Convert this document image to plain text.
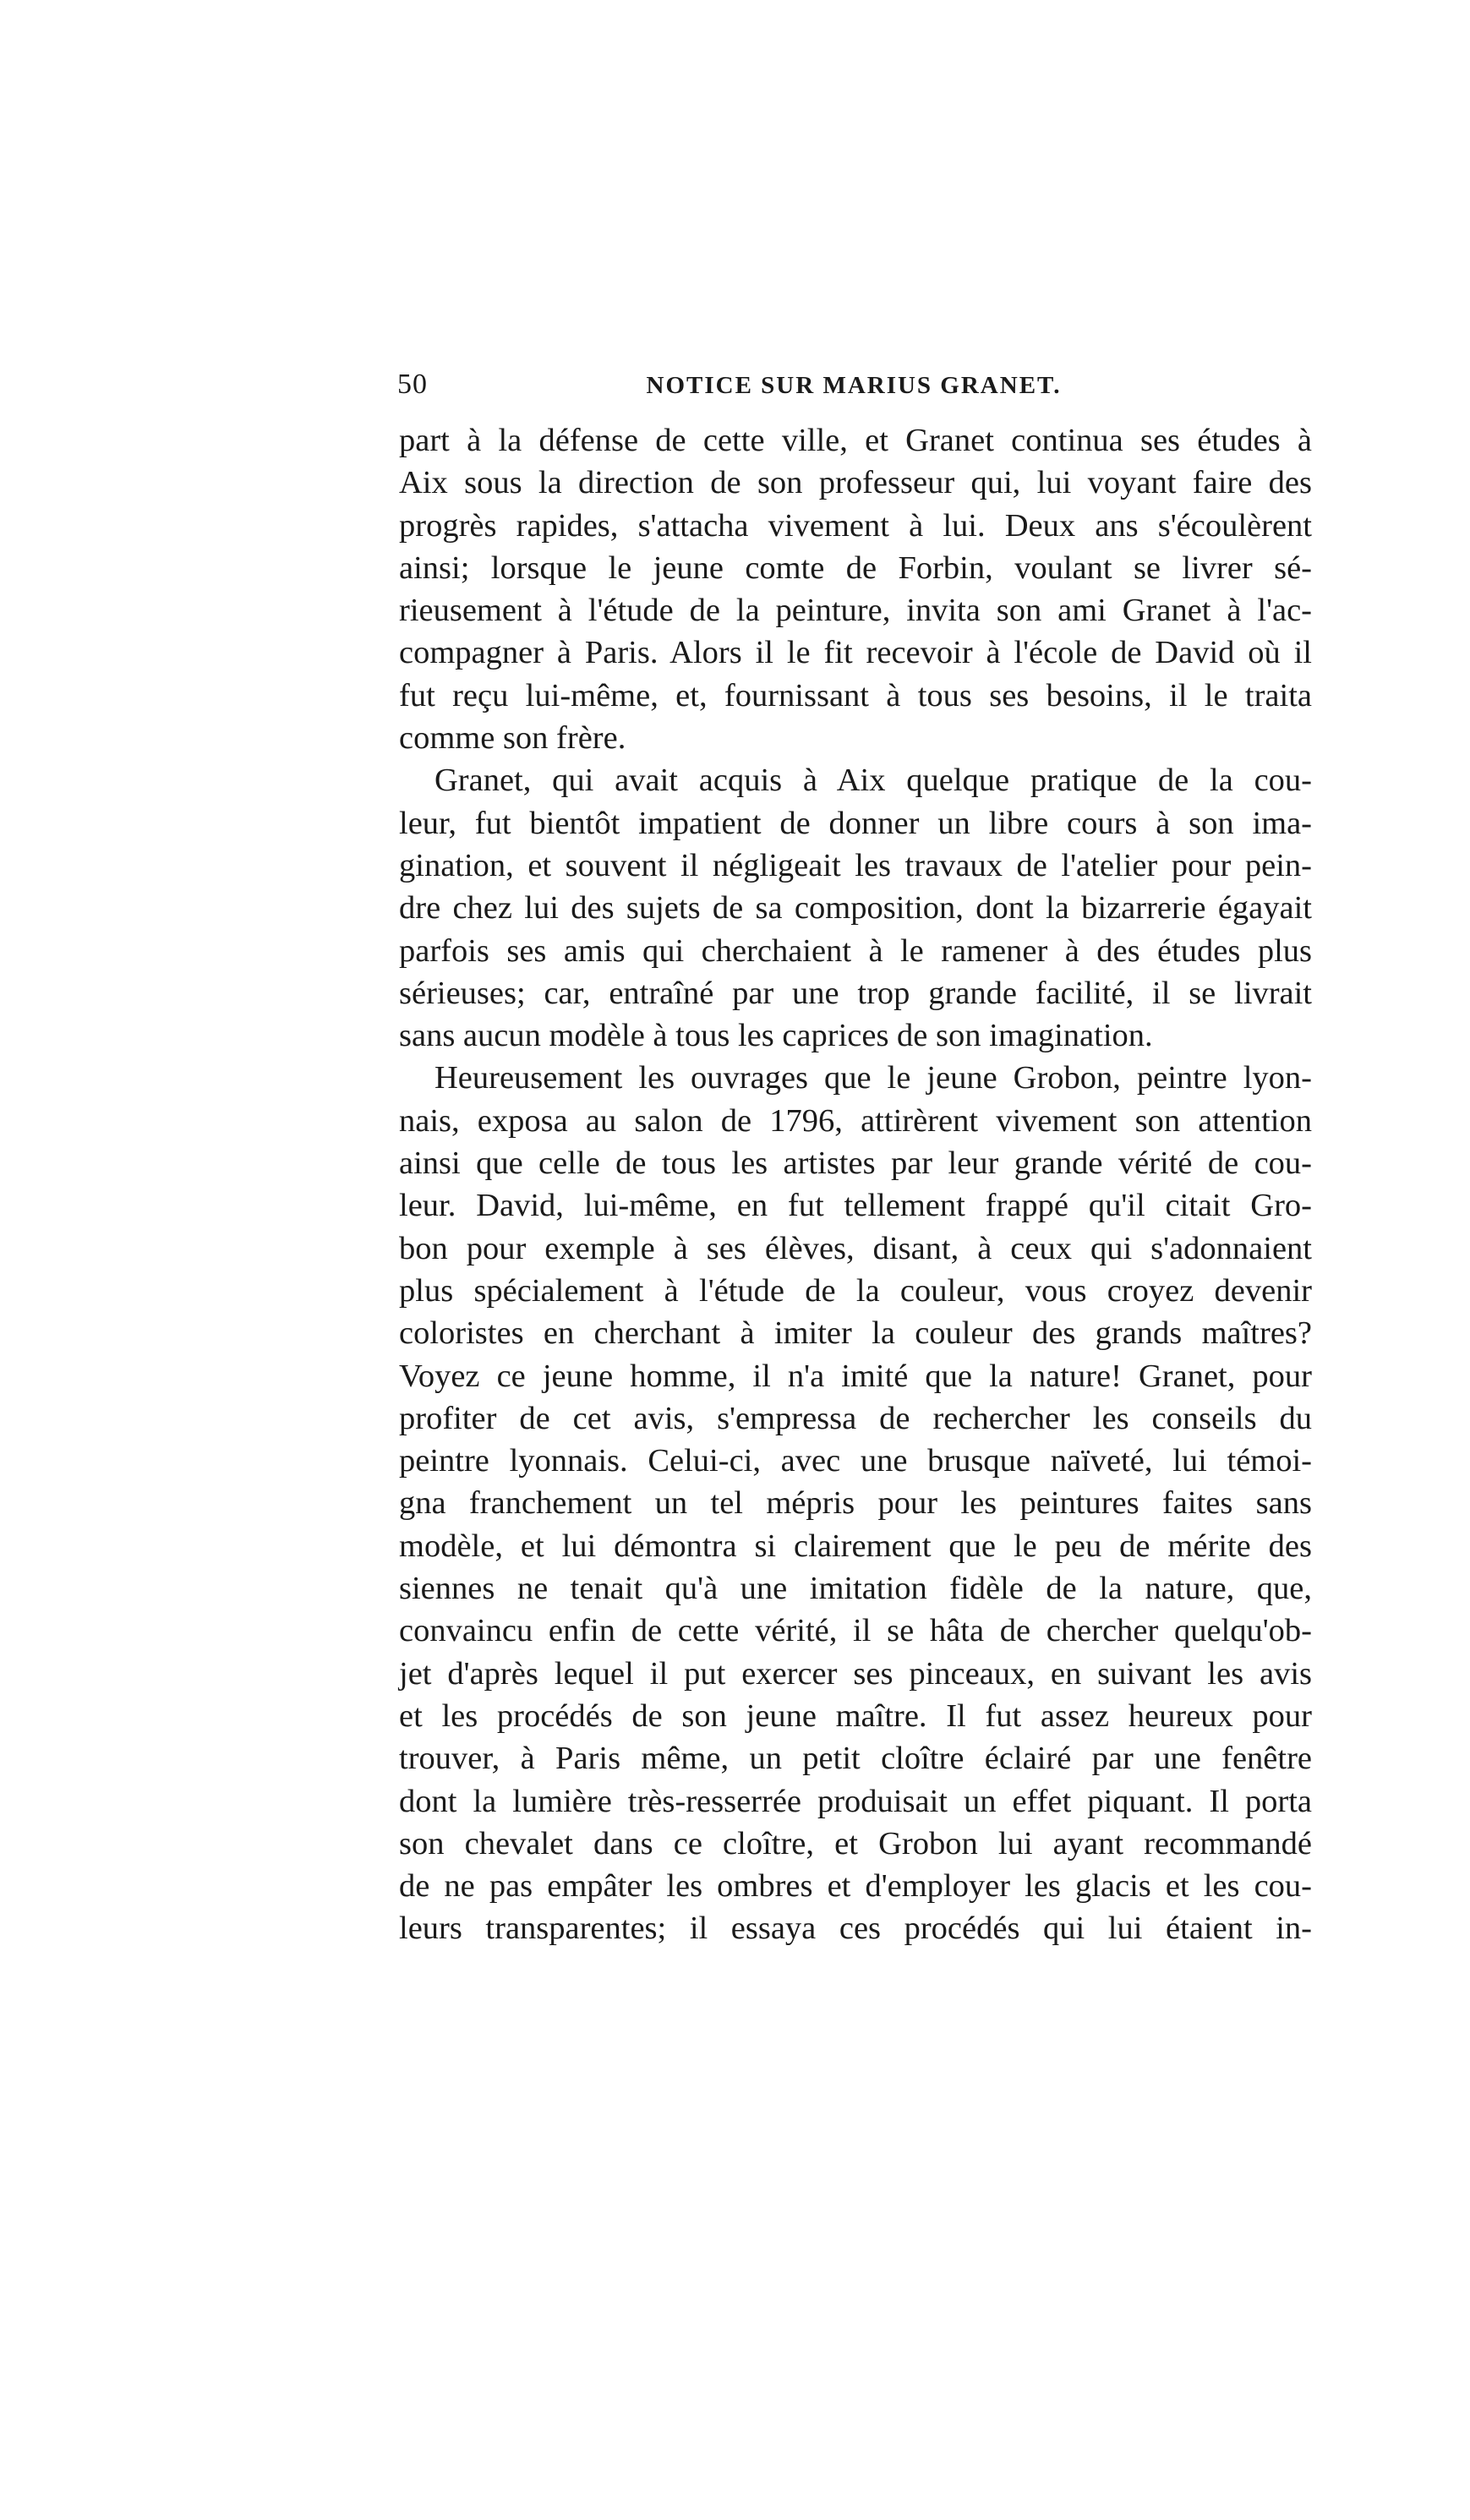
50	NOTICE SUR MARIUS GRANET.
part à la défense de cette ville, et Granet continua ses études à
Aix sous la direction de son professeur qui, lui voyant faire des
progrès rapides, s'attacha vivement à lui. Deux ans s'écoulèrent
ainsi; lorsque le jeune comte de Forbin, voulant se livrer sé-
rieusement à l'étude de la peinture, invita son ami Granet à l'ac-
compagner à Paris. Alors il le fit recevoir à l'école de David où il
fut reçu lui-même, et, fournissant à tous ses besoins, il le traita
comme son frère.
Granet, qui avait acquis à Aix quelque pratique de la cou-
leur, fut bientôt impatient de donner un libre cours à son ima-
gination, et souvent il négligeait les travaux de l'atelier pour pein-
dre chez lui des sujets de sa composition, dont la bizarrerie égayait
parfois ses amis qui cherchaient à le ramener à des études plus
sérieuses; car, entraîné par une trop grande facilité, il se livrait
sans aucun modèle à tous les caprices de son imagination.
Heureusement les ouvrages que le jeune Grobon, peintre lyon-
nais, exposa au salon de 1796, attirèrent vivement son attention
ainsi que celle de tous les artistes par leur grande vérité de cou-
leur. David, lui-même, en fut tellement frappé qu'il citait Gro-
bon pour exemple à ses élèves, disant, à ceux qui s'adonnaient
plus spécialement à l'étude de la couleur, vous croyez devenir
coloristes en cherchant à imiter la couleur des grands maîtres?
Voyez ce jeune homme, il n'a imité que la nature! Granet, pour
profiter de cet avis, s'empressa de rechercher les conseils du
peintre lyonnais. Celui-ci, avec une brusque naïveté, lui témoi-
gna franchement un tel mépris pour les peintures faites sans
modèle, et lui démontra si clairement que le peu de mérite des
siennes ne tenait qu'à une imitation fidèle de la nature, que,
convaincu enfin de cette vérité, il se hâta de chercher quelqu'ob-
jet d'après lequel il put exercer ses pinceaux, en suivant les avis
et les procédés de son jeune maître. Il fut assez heureux pour
trouver, à Paris même, un petit cloître éclairé par une fenêtre
dont la lumière très-resserrée produisait un effet piquant. Il porta
son chevalet dans ce cloître, et Grobon lui ayant recommandé
de ne pas empâter les ombres et d'employer les glacis et les cou-
leurs transparentes; il essaya ces procédés qui lui étaient in-
